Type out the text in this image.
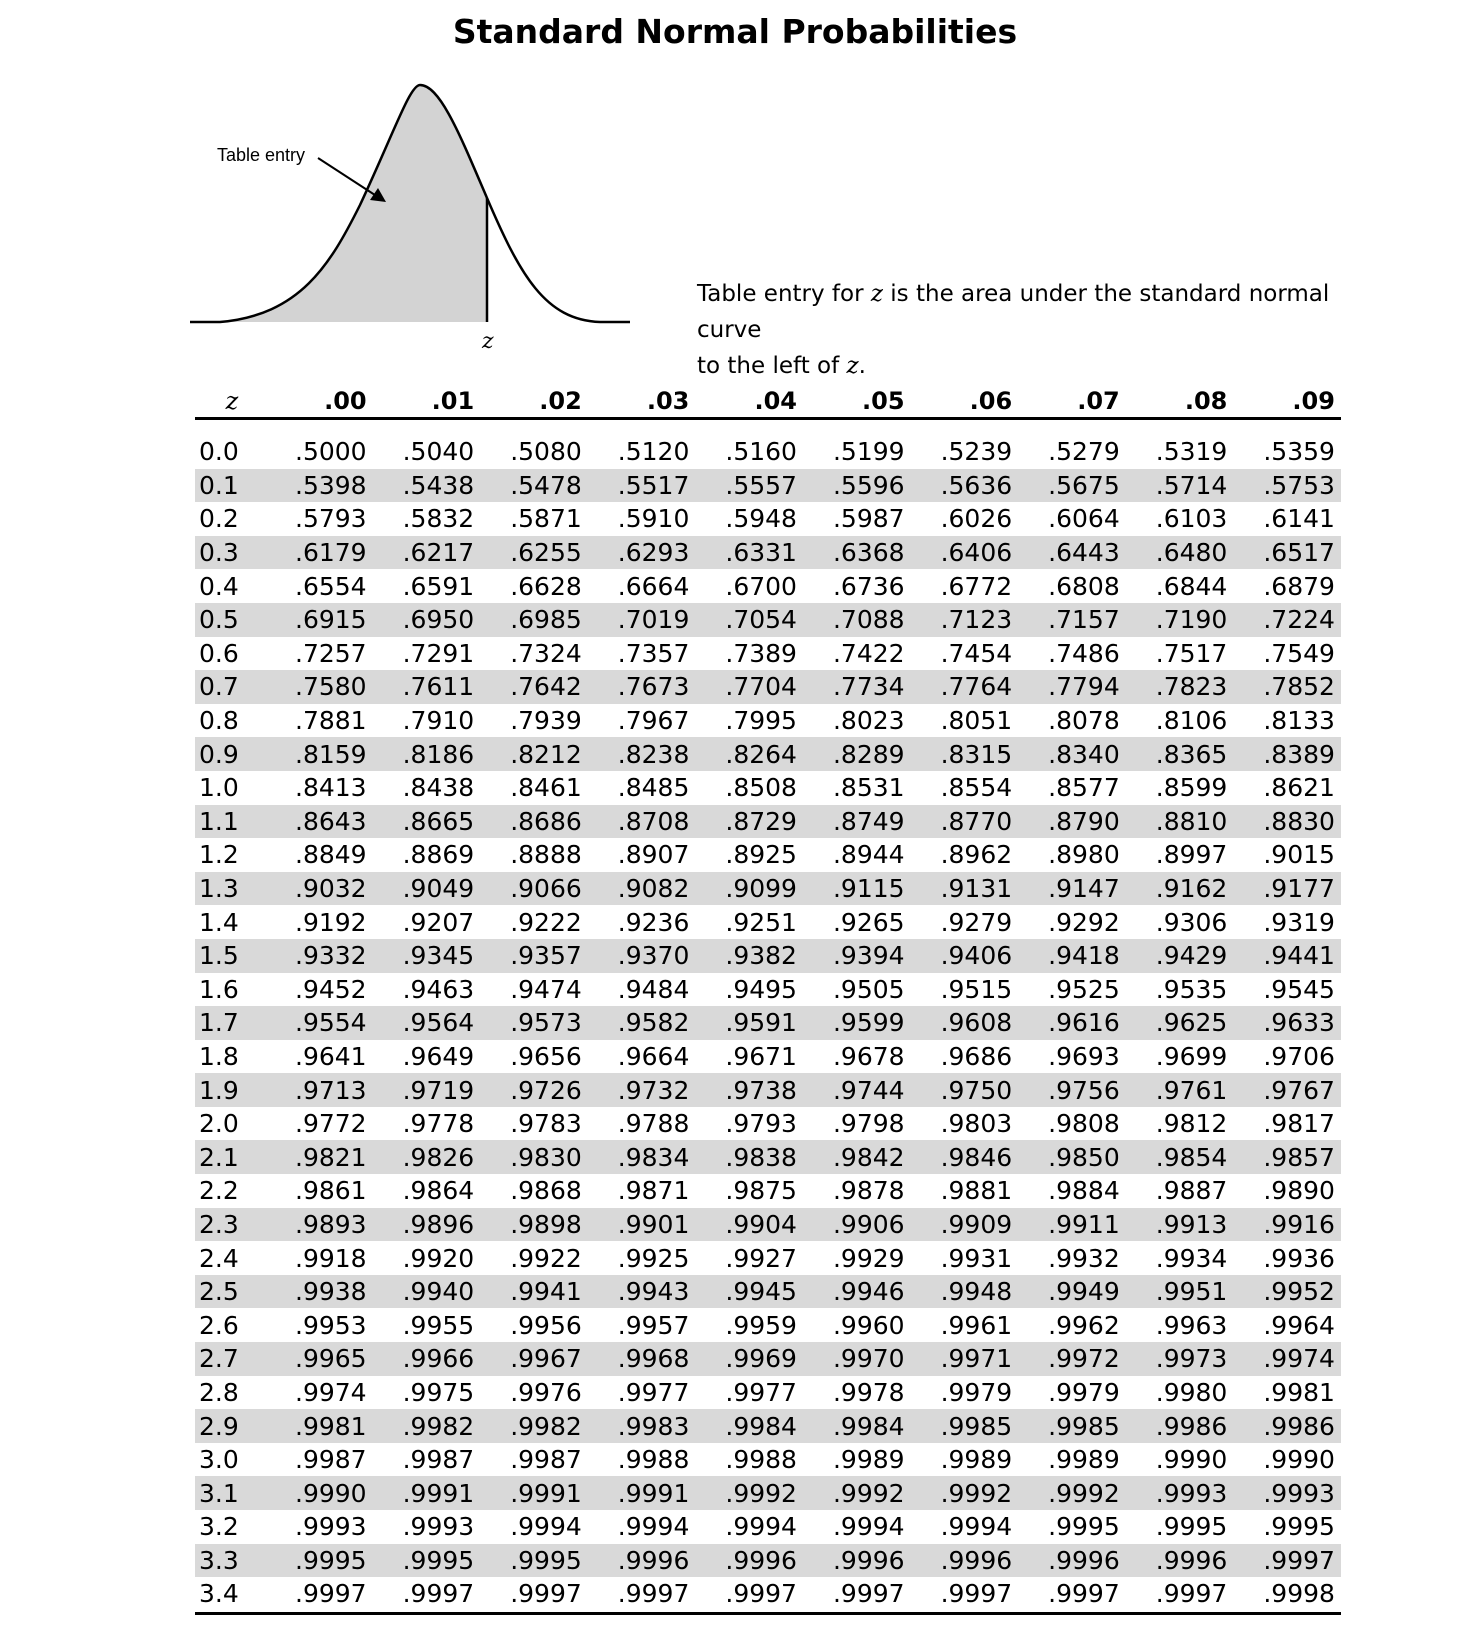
Standard Normal Probabilities
Table entry
z
Table entry for z is the area under the standard normal curve
to the left of z.
z	.00	.01	.02	.03	.04	.05	.06	.07	.08	.09
0.0	.5000	.5040	.5080	.5120	.5160	.5199	.5239	.5279	.5319	.5359
0.1	.5398	.5438	.5478	.5517	.5557	.5596	.5636	.5675	.5714	.5753
0.2	.5793	.5832	.5871	.5910	.5948	.5987	.6026	.6064	.6103	.6141
0.3	.6179	.6217	.6255	.6293	.6331	.6368	.6406	.6443	.6480	.6517
0.4	.6554	.6591	.6628	.6664	.6700	.6736	.6772	.6808	.6844	.6879
0.5	.6915	.6950	.6985	.7019	.7054	.7088	.7123	.7157	.7190	.7224
0.6	.7257	.7291	.7324	.7357	.7389	.7422	.7454	.7486	.7517	.7549
0.7	.7580	.7611	.7642	.7673	.7704	.7734	.7764	.7794	.7823	.7852
0.8	.7881	.7910	.7939	.7967	.7995	.8023	.8051	.8078	.8106	.8133
0.9	.8159	.8186	.8212	.8238	.8264	.8289	.8315	.8340	.8365	.8389
1.0	.8413	.8438	.8461	.8485	.8508	.8531	.8554	.8577	.8599	.8621
1.1	.8643	.8665	.8686	.8708	.8729	.8749	.8770	.8790	.8810	.8830
1.2	.8849	.8869	.8888	.8907	.8925	.8944	.8962	.8980	.8997	.9015
1.3	.9032	.9049	.9066	.9082	.9099	.9115	.9131	.9147	.9162	.9177
1.4	.9192	.9207	.9222	.9236	.9251	.9265	.9279	.9292	.9306	.9319
1.5	.9332	.9345	.9357	.9370	.9382	.9394	.9406	.9418	.9429	.9441
1.6	.9452	.9463	.9474	.9484	.9495	.9505	.9515	.9525	.9535	.9545
1.7	.9554	.9564	.9573	.9582	.9591	.9599	.9608	.9616	.9625	.9633
1.8	.9641	.9649	.9656	.9664	.9671	.9678	.9686	.9693	.9699	.9706
1.9	.9713	.9719	.9726	.9732	.9738	.9744	.9750	.9756	.9761	.9767
2.0	.9772	.9778	.9783	.9788	.9793	.9798	.9803	.9808	.9812	.9817
2.1	.9821	.9826	.9830	.9834	.9838	.9842	.9846	.9850	.9854	.9857
2.2	.9861	.9864	.9868	.9871	.9875	.9878	.9881	.9884	.9887	.9890
2.3	.9893	.9896	.9898	.9901	.9904	.9906	.9909	.9911	.9913	.9916
2.4	.9918	.9920	.9922	.9925	.9927	.9929	.9931	.9932	.9934	.9936
2.5	.9938	.9940	.9941	.9943	.9945	.9946	.9948	.9949	.9951	.9952
2.6	.9953	.9955	.9956	.9957	.9959	.9960	.9961	.9962	.9963	.9964
2.7	.9965	.9966	.9967	.9968	.9969	.9970	.9971	.9972	.9973	.9974
2.8	.9974	.9975	.9976	.9977	.9977	.9978	.9979	.9979	.9980	.9981
2.9	.9981	.9982	.9982	.9983	.9984	.9984	.9985	.9985	.9986	.9986
3.0	.9987	.9987	.9987	.9988	.9988	.9989	.9989	.9989	.9990	.9990
3.1	.9990	.9991	.9991	.9991	.9992	.9992	.9992	.9992	.9993	.9993
3.2	.9993	.9993	.9994	.9994	.9994	.9994	.9994	.9995	.9995	.9995
3.3	.9995	.9995	.9995	.9996	.9996	.9996	.9996	.9996	.9996	.9997
3.4	.9997	.9997	.9997	.9997	.9997	.9997	.9997	.9997	.9997	.9998
